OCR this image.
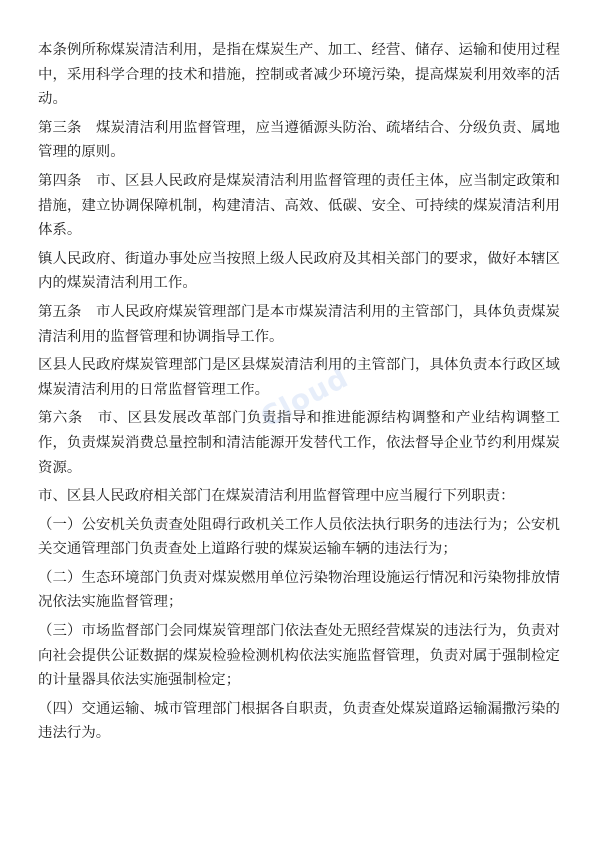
本条例所称煤炭清洁利用，是指在煤炭生产、加工、经营、储存、运输和使用过程中，采用科学合理的技术和措施，控制或者减少环境污染，提高煤炭利用效率的活动。

第三条　煤炭清洁利用监督管理，应当遵循源头防治、疏堵结合、分级负责、属地管理的原则。

第四条　市、区县人民政府是煤炭清洁利用监督管理的责任主体，应当制定政策和措施，建立协调保障机制，构建清洁、高效、低碳、安全、可持续的煤炭清洁利用体系。

镇人民政府、街道办事处应当按照上级人民政府及其相关部门的要求，做好本辖区内的煤炭清洁利用工作。

第五条　市人民政府煤炭管理部门是本市煤炭清洁利用的主管部门，具体负责煤炭清洁利用的监督管理和协调指导工作。

区县人民政府煤炭管理部门是区县煤炭清洁利用的主管部门，具体负责本行政区域煤炭清洁利用的日常监督管理工作。

第六条　市、区县发展改革部门负责指导和推进能源结构调整和产业结构调整工作，负责煤炭消费总量控制和清洁能源开发替代工作，依法督导企业节约利用煤炭资源。

市、区县人民政府相关部门在煤炭清洁利用监督管理中应当履行下列职责：

（一）公安机关负责查处阻碍行政机关工作人员依法执行职务的违法行为；公安机关交通管理部门负责查处上道路行驶的煤炭运输车辆的违法行为；

（二）生态环境部门负责对煤炭燃用单位污染物治理设施运行情况和污染物排放情况依法实施监督管理；

（三）市场监督部门会同煤炭管理部门依法查处无照经营煤炭的违法行为，负责对向社会提供公证数据的煤炭检验检测机构依法实施监督管理，负责对属于强制检定的计量器具依法实施强制检定；

（四）交通运输、城市管理部门根据各自职责，负责查处煤炭道路运输漏撒污染的违法行为。

Cloud
